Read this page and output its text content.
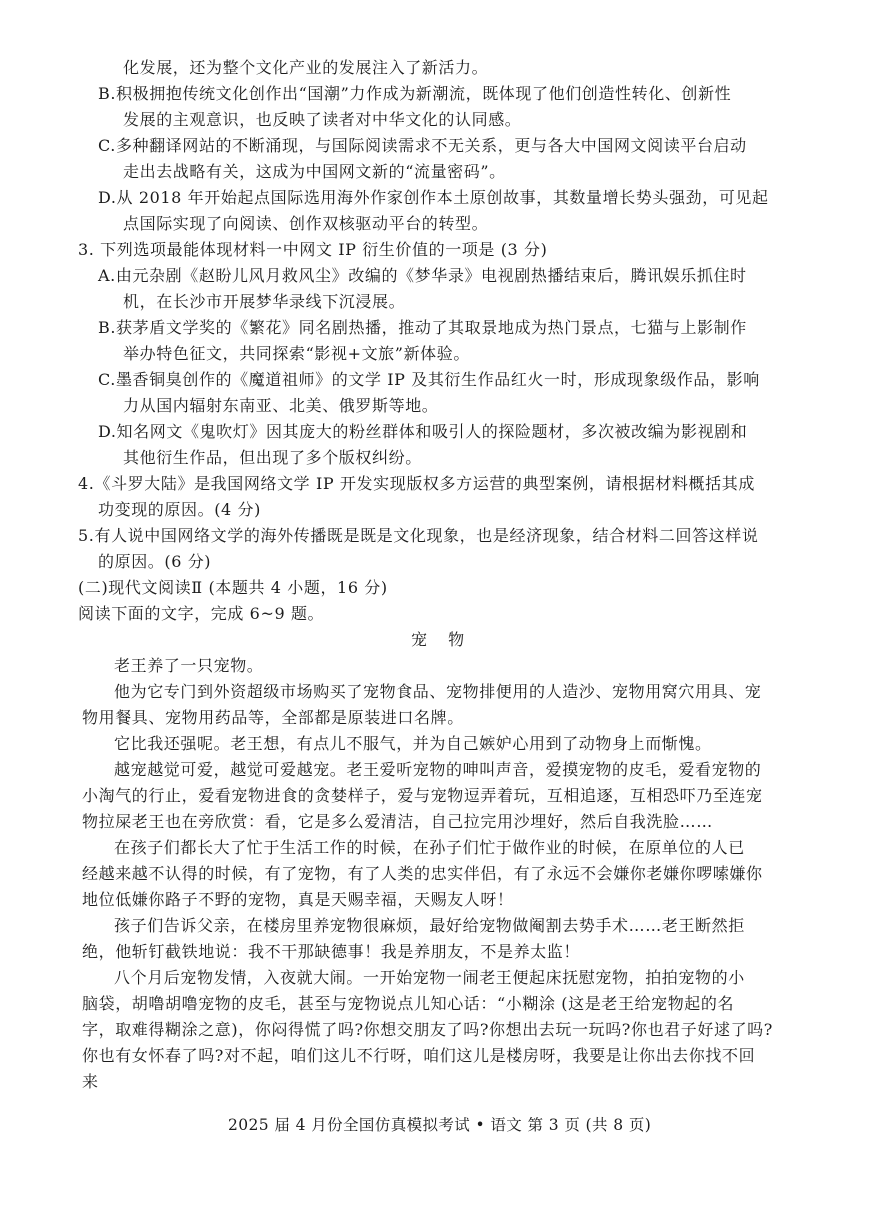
化发展，还为整个文化产业的发展注入了新活力。
B.积极拥抱传统文化创作出“国潮”力作成为新潮流，既体现了他们创造性转化、创新性
发展的主观意识，也反映了读者对中华文化的认同感。
C.多种翻译网站的不断涌现，与国际阅读需求不无关系，更与各大中国网文阅读平台启动
走出去战略有关，这成为中国网文新的“流量密码”。
D.从 2018 年开始起点国际选用海外作家创作本土原创故事，其数量增长势头强劲，可见起
点国际实现了向阅读、创作双核驱动平台的转型。
3. 下列选项最能体现材料一中网文 IP 衍生价值的一项是 (3 分)
A.由元杂剧《赵盼儿风月救风尘》改编的《梦华录》电视剧热播结束后，腾讯娱乐抓住时
机，在长沙市开展梦华录线下沉浸展。
B.获茅盾文学奖的《繁花》同名剧热播，推动了其取景地成为热门景点，七猫与上影制作
举办特色征文，共同探索“影视+文旅”新体验。
C.墨香铜臭创作的《魔道祖师》的文学 IP 及其衍生作品红火一时，形成现象级作品，影响
力从国内辐射东南亚、北美、俄罗斯等地。
D.知名网文《鬼吹灯》因其庞大的粉丝群体和吸引人的探险题材，多次被改编为影视剧和
其他衍生作品，但出现了多个版权纠纷。
4.《斗罗大陆》是我国网络文学 IP 开发实现版权多方运营的典型案例，请根据材料概括其成
功变现的原因。(4 分)
5.有人说中国网络文学的海外传播既是既是文化现象，也是经济现象，结合材料二回答这样说
的原因。(6 分)
(二)现代文阅读Ⅱ (本题共 4 小题，16 分)
阅读下面的文字，完成 6~9 题。
宠 物
老王养了一只宠物。
他为它专门到外资超级市场购买了宠物食品、宠物排便用的人造沙、宠物用窝穴用具、宠
物用餐具、宠物用药品等，全部都是原装进口名牌。
它比我还强呢。老王想，有点儿不服气，并为自己嫉妒心用到了动物身上而惭愧。
越宠越觉可爱，越觉可爱越宠。老王爱听宠物的呻叫声音，爱摸宠物的皮毛，爱看宠物的
小淘气的行止，爱看宠物进食的贪婪样子，爱与宠物逗弄着玩，互相追逐，互相恐吓乃至连宠
物拉屎老王也在旁欣赏：看，它是多么爱清洁，自己拉完用沙埋好，然后自我洗脸……
在孩子们都长大了忙于生活工作的时候，在孙子们忙于做作业的时候，在原单位的人已
经越来越不认得的时候，有了宠物，有了人类的忠实伴侣，有了永远不会嫌你老嫌你啰嗦嫌你
地位低嫌你路子不野的宠物，真是天赐幸福，天赐友人呀！
孩子们告诉父亲，在楼房里养宠物很麻烦，最好给宠物做阉割去势手术……老王断然拒
绝，他斩钉截铁地说：我不干那缺德事！我是养朋友，不是养太监！
八个月后宠物发情，入夜就大闹。一开始宠物一闹老王便起床抚慰宠物，拍拍宠物的小
脑袋，胡噜胡噜宠物的皮毛，甚至与宠物说点儿知心话：“小糊涂 (这是老王给宠物起的名
字，取难得糊涂之意)，你闷得慌了吗?你想交朋友了吗?你想出去玩一玩吗?你也君子好逑了吗?
你也有女怀春了吗?对不起，咱们这儿不行呀，咱们这儿是楼房呀，我要是让你出去你找不回
来
2025 届 4 月份全国仿真模拟考试 • 语文 第 3 页 (共 8 页)
